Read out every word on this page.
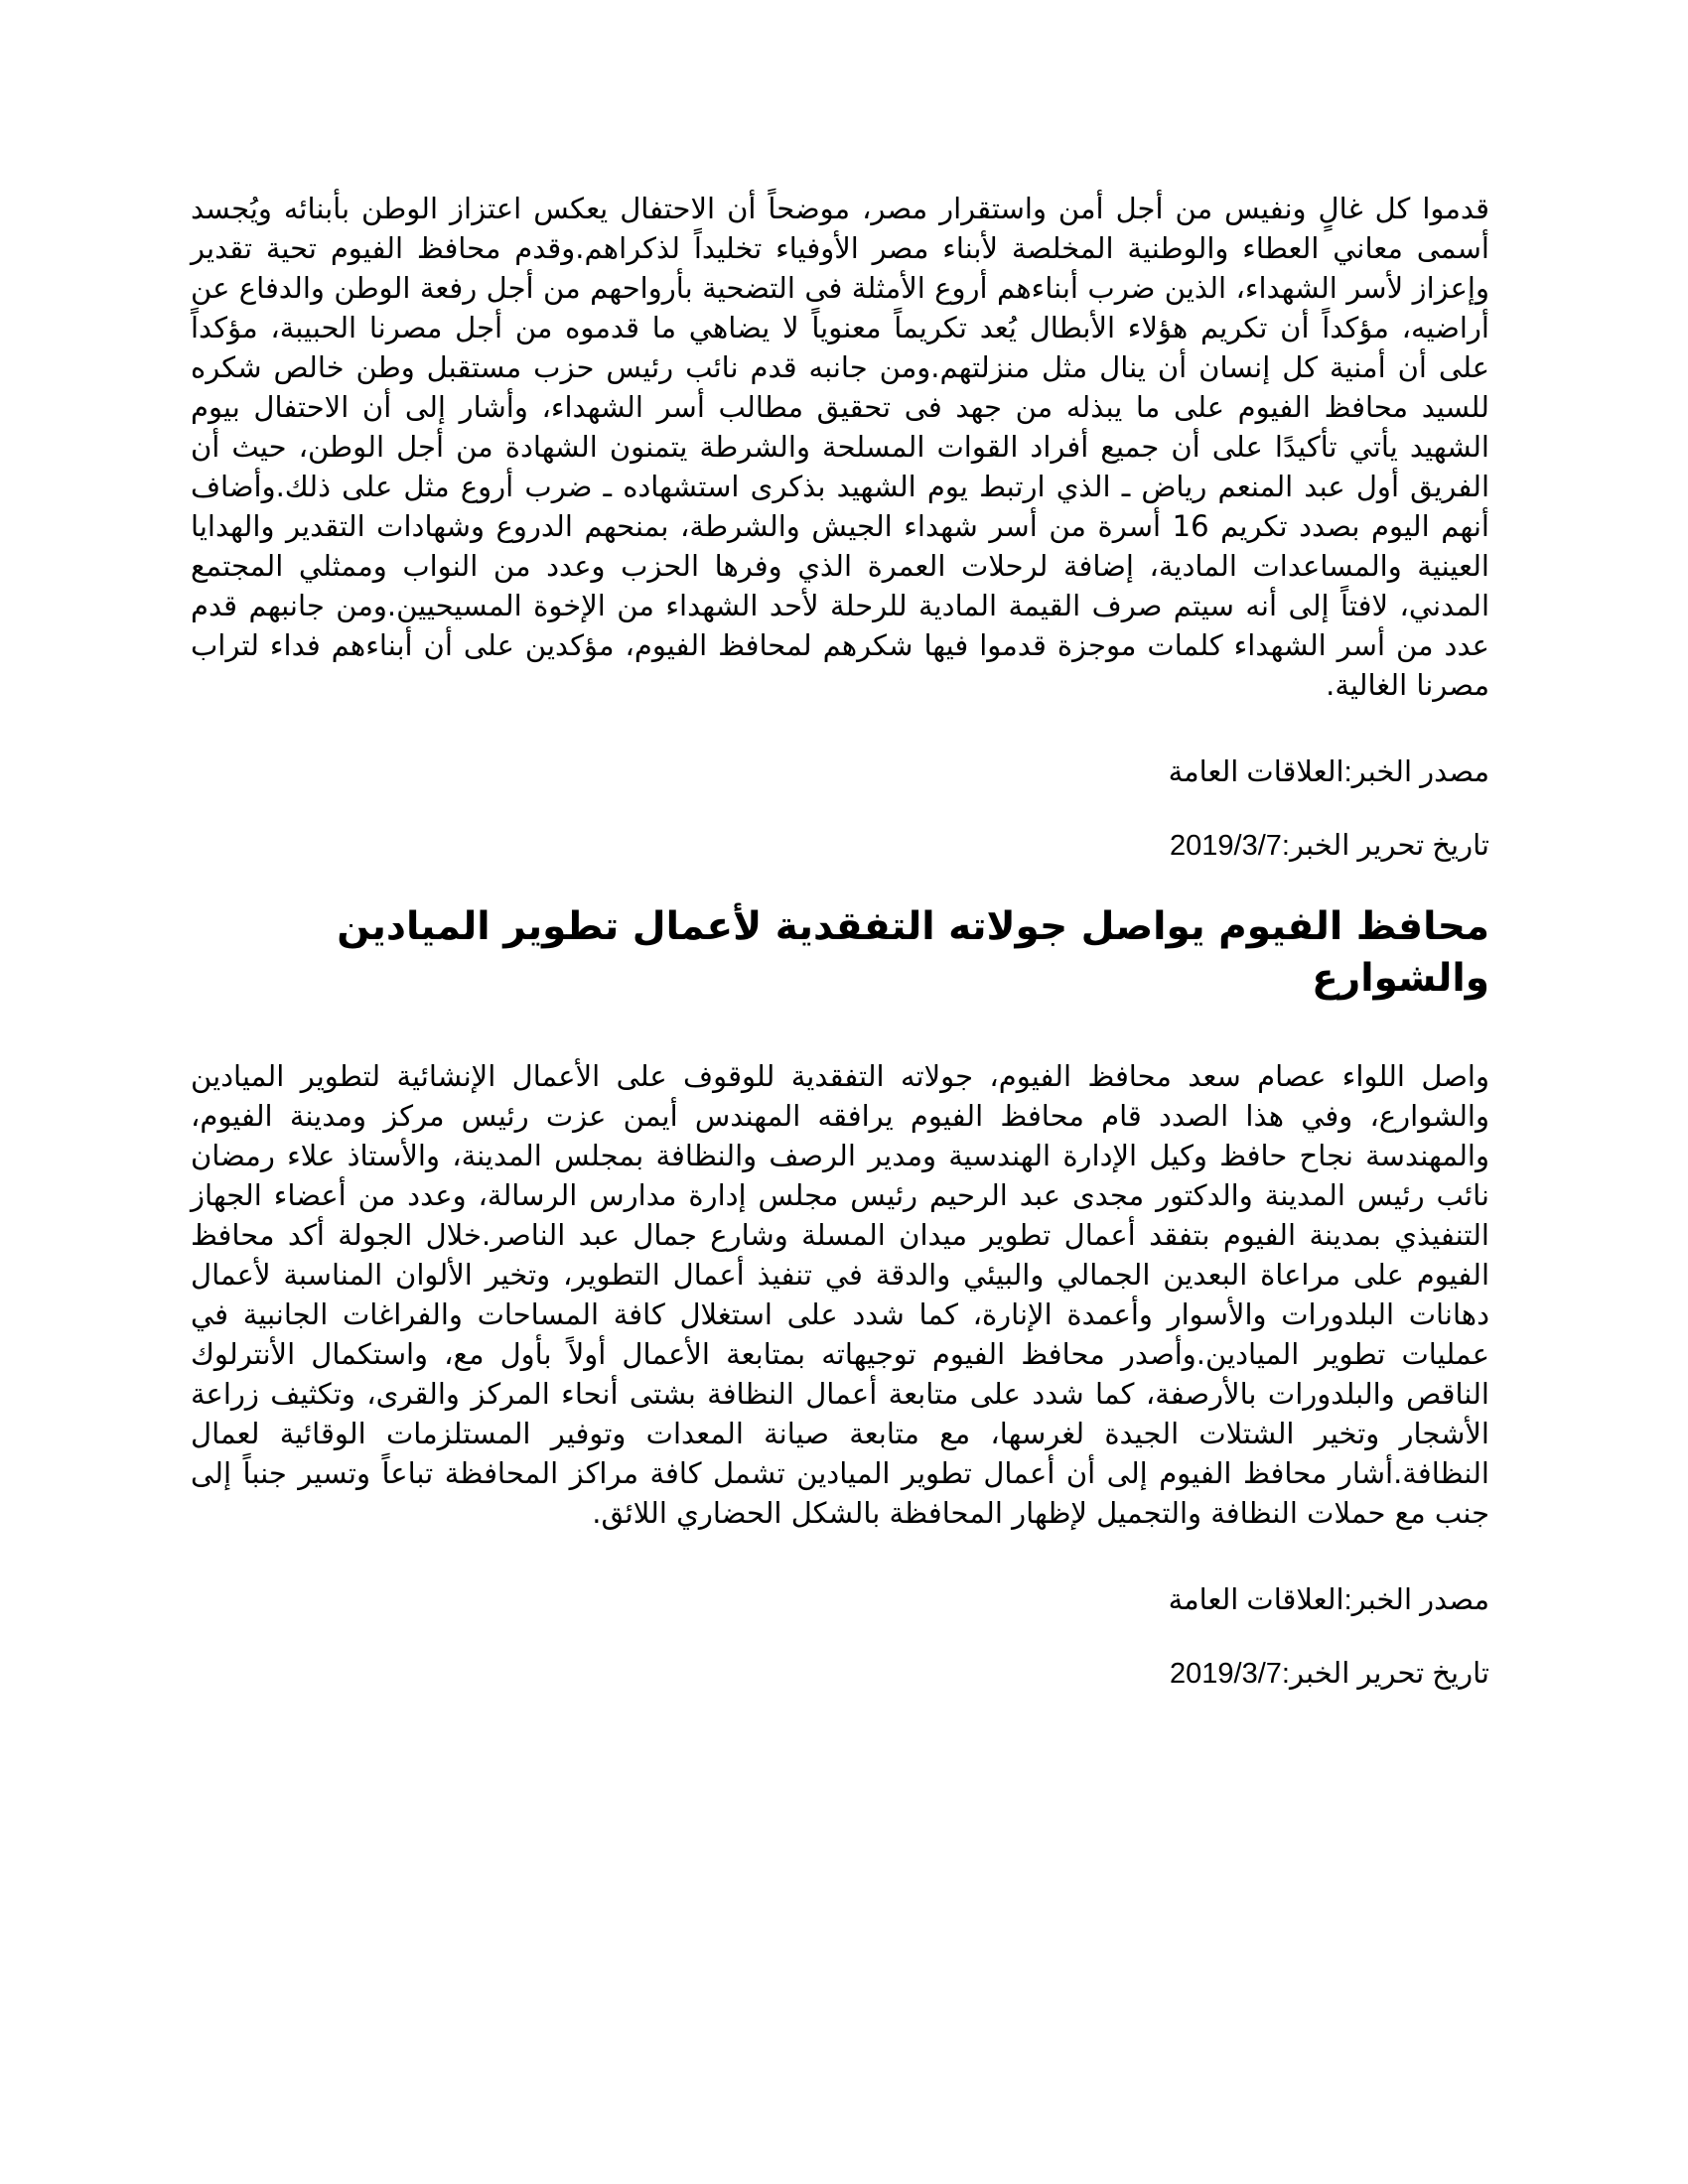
قدموا كل غالٍ ونفيس من أجل أمن واستقرار مصر، موضحاً أن الاحتفال يعكس اعتزاز الوطن بأبنائه ويُجسد أسمى معاني العطاء والوطنية المخلصة لأبناء مصر الأوفياء تخليداً لذكراهم.وقدم محافظ الفيوم تحية تقدير وإعزاز لأسر الشهداء، الذين ضرب أبناءهم أروع الأمثلة فى التضحية بأرواحهم من أجل رفعة الوطن والدفاع عن أراضيه، مؤكداً أن تكريم هؤلاء الأبطال يُعد تكريماً معنوياً لا يضاهي ما قدموه من أجل مصرنا الحبيبة، مؤكداً على أن أمنية كل إنسان أن ينال مثل منزلتهم.ومن جانبه قدم نائب رئيس حزب مستقبل وطن خالص شكره للسيد محافظ الفيوم على ما يبذله من جهد فى تحقيق مطالب أسر الشهداء، وأشار إلى أن الاحتفال بيوم الشهيد يأتي تأكيدًا على أن جميع أفراد القوات المسلحة والشرطة يتمنون الشهادة من أجل الوطن، حيث أن الفريق أول عبد المنعم رياض ـ الذي ارتبط يوم الشهيد بذكرى استشهاده ـ ضرب أروع مثل على ذلك.وأضاف أنهم اليوم بصدد تكريم 16 أسرة من أسر شهداء الجيش والشرطة، بمنحهم الدروع وشهادات التقدير والهدايا العينية والمساعدات المادية، إضافة لرحلات العمرة الذي وفرها الحزب وعدد من النواب وممثلي المجتمع المدني، لافتاً إلى أنه سيتم صرف القيمة المادية للرحلة لأحد الشهداء من الإخوة المسيحيين.ومن جانبهم قدم عدد من أسر الشهداء كلمات موجزة قدموا فيها شكرهم لمحافظ الفيوم، مؤكدين على أن أبناءهم فداء لتراب مصرنا الغالية.

مصدر الخبر:العلاقات العامة

تاريخ تحرير الخبر:2019/3/7

محافظ الفيوم يواصل جولاته التفقدية لأعمال تطوير الميادين والشوارع

واصل اللواء عصام سعد محافظ الفيوم، جولاته التفقدية للوقوف على الأعمال الإنشائية لتطوير الميادين والشوارع، وفي هذا الصدد قام محافظ الفيوم يرافقه المهندس أيمن عزت رئيس مركز ومدينة الفيوم، والمهندسة نجاح حافظ وكيل الإدارة الهندسية ومدير الرصف والنظافة بمجلس المدينة، والأستاذ علاء رمضان نائب رئيس المدينة والدكتور مجدى عبد الرحيم رئيس مجلس إدارة مدارس الرسالة، وعدد من أعضاء الجهاز التنفيذي بمدينة الفيوم بتفقد أعمال تطوير ميدان المسلة وشارع جمال عبد الناصر.خلال الجولة أكد محافظ الفيوم على مراعاة البعدين الجمالي والبيئي والدقة في تنفيذ أعمال التطوير، وتخير الألوان المناسبة لأعمال دهانات البلدورات والأسوار وأعمدة الإنارة، كما شدد على استغلال كافة المساحات والفراغات الجانبية في عمليات تطوير الميادين.وأصدر محافظ الفيوم توجيهاته بمتابعة الأعمال أولاً بأول مع، واستكمال الأنترلوك الناقص والبلدورات بالأرصفة، كما شدد على متابعة أعمال النظافة بشتى أنحاء المركز والقرى، وتكثيف زراعة الأشجار وتخير الشتلات الجيدة لغرسها، مع متابعة صيانة المعدات وتوفير المستلزمات الوقائية لعمال النظافة.أشار محافظ الفيوم إلى أن أعمال تطوير الميادين تشمل كافة مراكز المحافظة تباعاً وتسير جنباً إلى جنب مع حملات النظافة والتجميل لإظهار المحافظة بالشكل الحضاري اللائق.

مصدر الخبر:العلاقات العامة

تاريخ تحرير الخبر:2019/3/7
